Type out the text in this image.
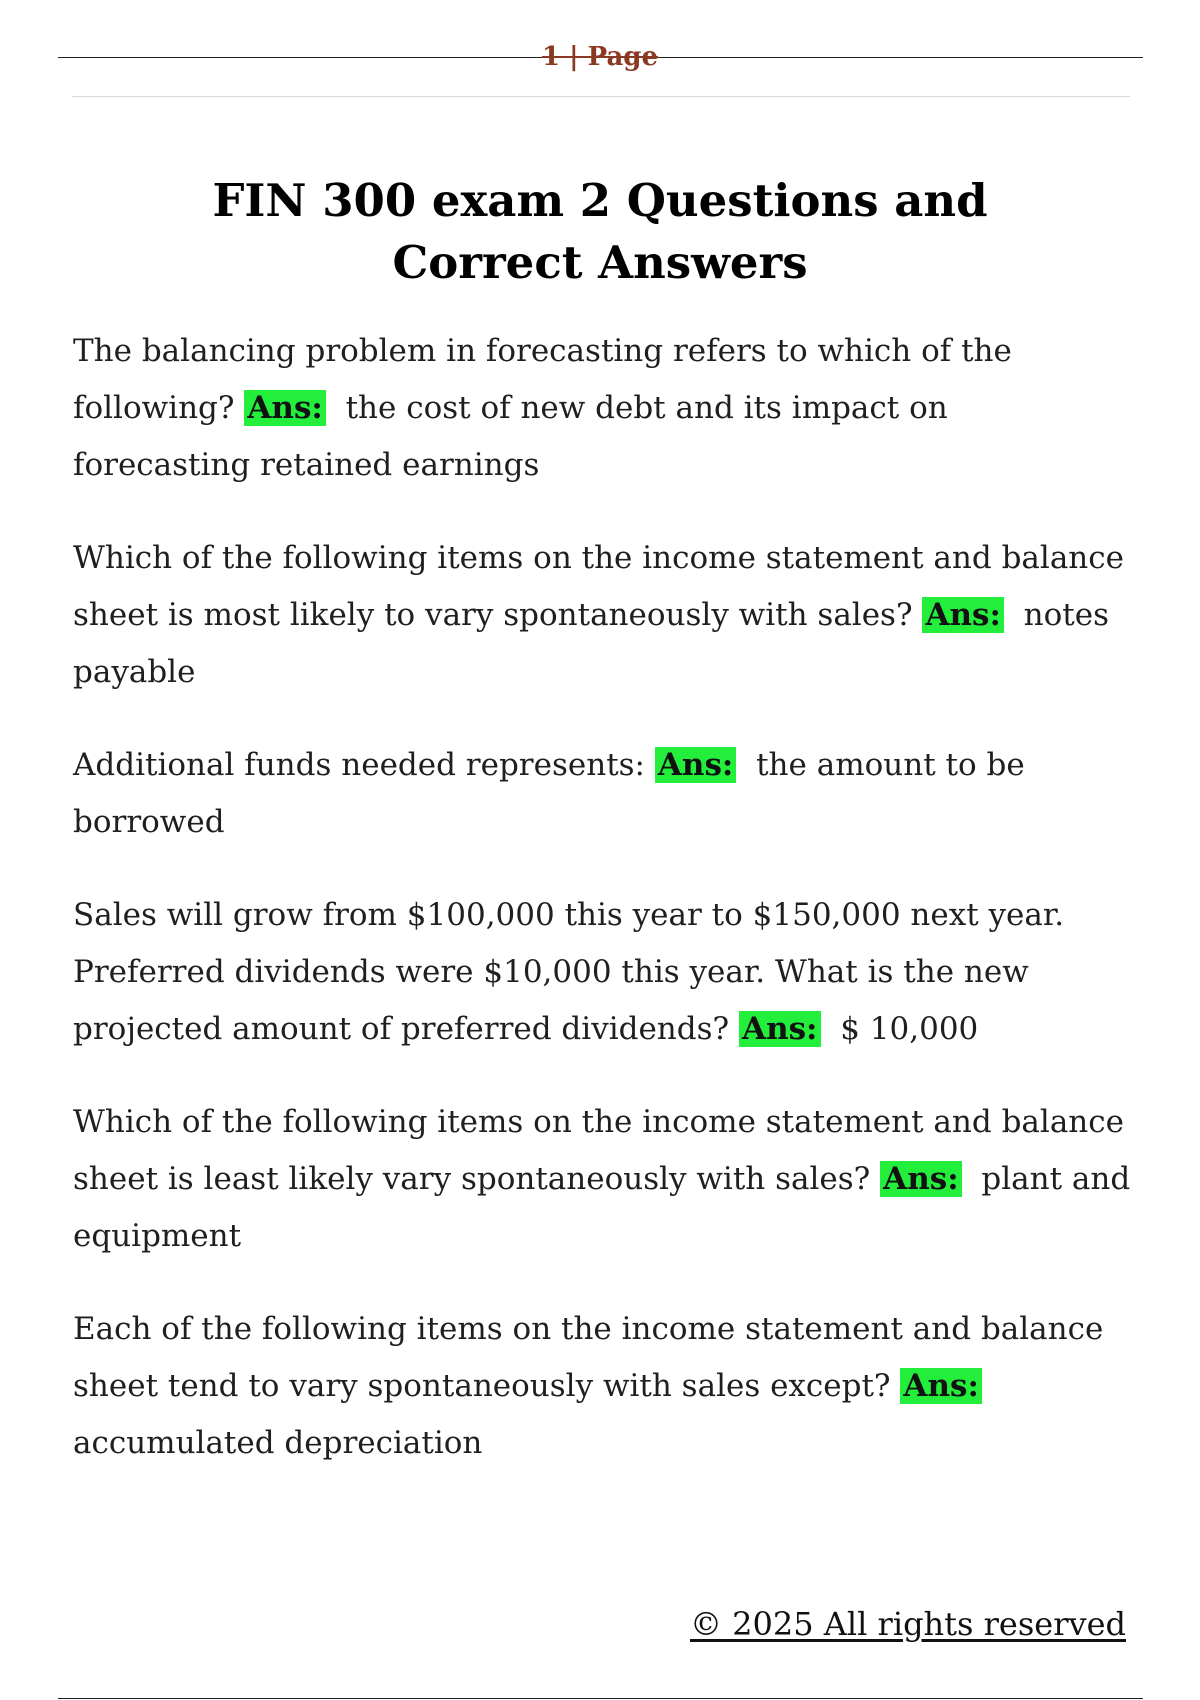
1 | Page
FIN 300 exam 2 Questions and Correct Answers

The balancing problem in forecasting refers to which of the following? Ans: the cost of new debt and its impact on forecasting retained earnings

Which of the following items on the income statement and balance sheet is most likely to vary spontaneously with sales? Ans: notes payable

Additional funds needed represents: Ans: the amount to be borrowed

Sales will grow from $100,000 this year to $150,000 next year. Preferred dividends were $10,000 this year. What is the new projected amount of preferred dividends? Ans: $ 10,000

Which of the following items on the income statement and balance sheet is least likely vary spontaneously with sales? Ans: plant and equipment

Each of the following items on the income statement and balance sheet tend to vary spontaneously with sales except? Ans:  accumulated depreciation

© 2025 All rights reserved
